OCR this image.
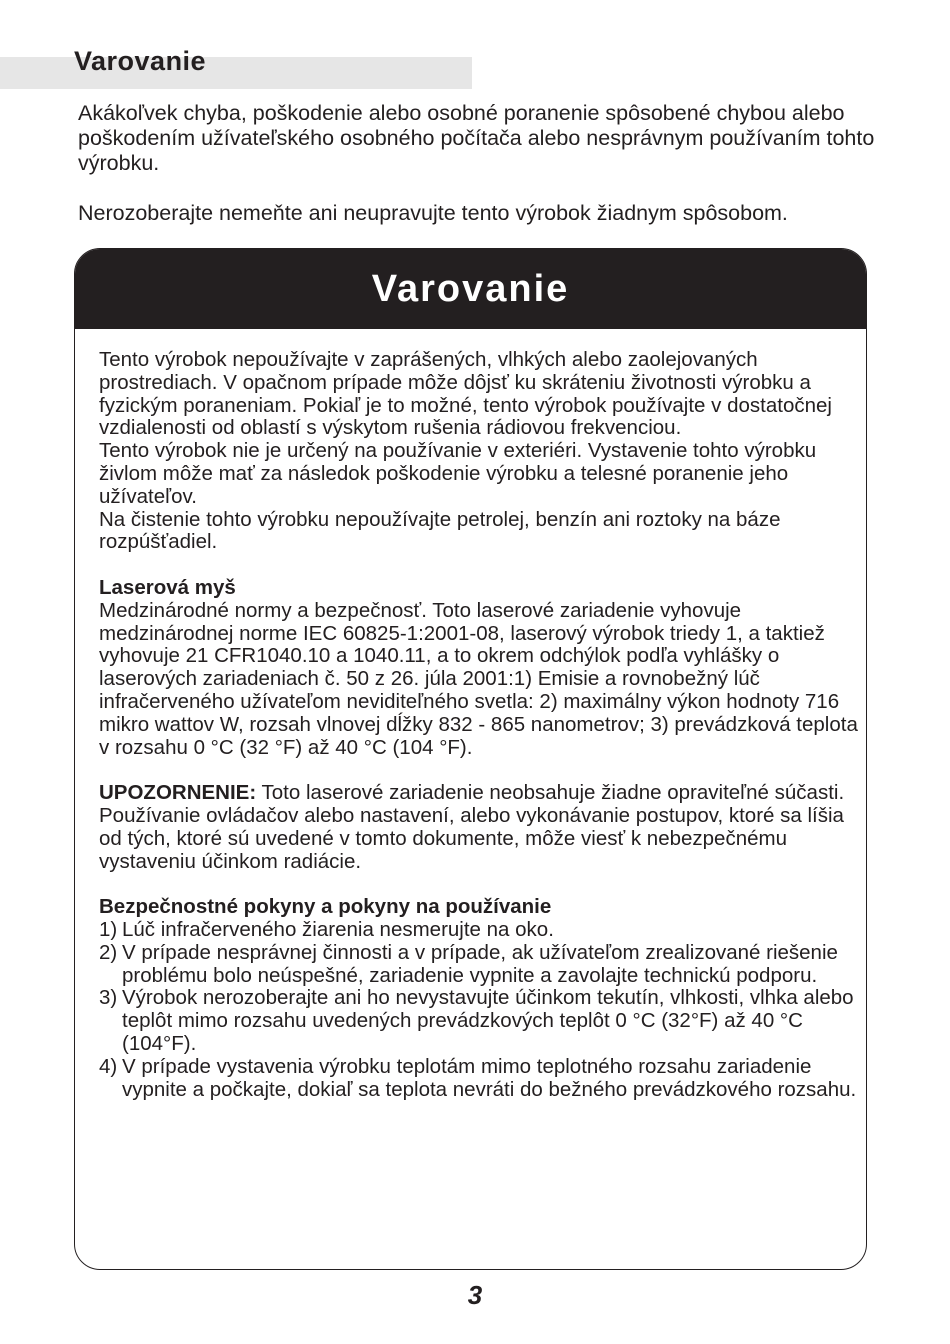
Varovanie

Akákoľvek chyba, poškodenie alebo osobné poranenie spôsobené chybou alebo poškodením užívateľského osobného počítača alebo nesprávnym používaním tohto výrobku.

Nerozoberajte nemeňte ani neupravujte tento výrobok žiadnym spôsobom.

Varovanie

Tento výrobok nepoužívajte v zaprášených, vlhkých alebo zaolejovaných prostrediach. V opačnom prípade môže dôjsť ku skráteniu životnosti výrobku a fyzickým poraneniam. Pokiaľ je to možné, tento výrobok používajte v dostatočnej vzdialenosti od oblastí s výskytom rušenia rádiovou frekvenciou.

Tento výrobok nie je určený na používanie v exteriéri. Vystavenie tohto výrobku živlom môže mať za následok poškodenie výrobku a telesné poranenie jeho užívateľov.

Na čistenie tohto výrobku nepoužívajte petrolej, benzín ani roztoky na báze rozpúšťadiel.

Laserová myš

Medzinárodné normy a bezpečnosť. Toto laserové zariadenie vyhovuje medzinárodnej norme IEC 60825-1:2001-08, laserový výrobok triedy 1, a taktiež vyhovuje 21 CFR1040.10 a 1040.11, a to okrem odchýlok podľa vyhlášky o laserových zariadeniach č. 50 z 26. júla 2001:1) Emisie a rovnobežný lúč infračerveného užívateľom neviditeľného svetla: 2) maximálny výkon hodnoty 716 mikro wattov W, rozsah vlnovej dĺžky 832 - 865 nanometrov; 3) prevádzková teplota v rozsahu 0 °C (32 °F) až 40 °C (104 °F).

UPOZORNENIE: Toto laserové zariadenie neobsahuje žiadne opraviteľné súčasti. Používanie ovládačov alebo nastavení, alebo vykonávanie postupov, ktoré sa líšia od tých, ktoré sú uvedené v tomto dokumente, môže viesť k nebezpečnému vystaveniu účinkom radiácie.

Bezpečnostné pokyny a pokyny na používanie

1) Lúč infračerveného žiarenia nesmerujte na oko.
2) V prípade nesprávnej činnosti a v prípade, ak užívateľom zrealizované riešenie problému bolo neúspešné, zariadenie vypnite a zavolajte technickú podporu.
3) Výrobok nerozoberajte ani ho nevystavujte účinkom tekutín, vlhkosti, vlhka alebo teplôt mimo rozsahu uvedených prevádzkových teplôt 0 °C (32°F) až 40 °C (104°F).
4) V prípade vystavenia výrobku teplotám mimo teplotného rozsahu zariadenie vypnite a počkajte, dokiaľ sa teplota nevráti do bežného prevádzkového rozsahu.
3
